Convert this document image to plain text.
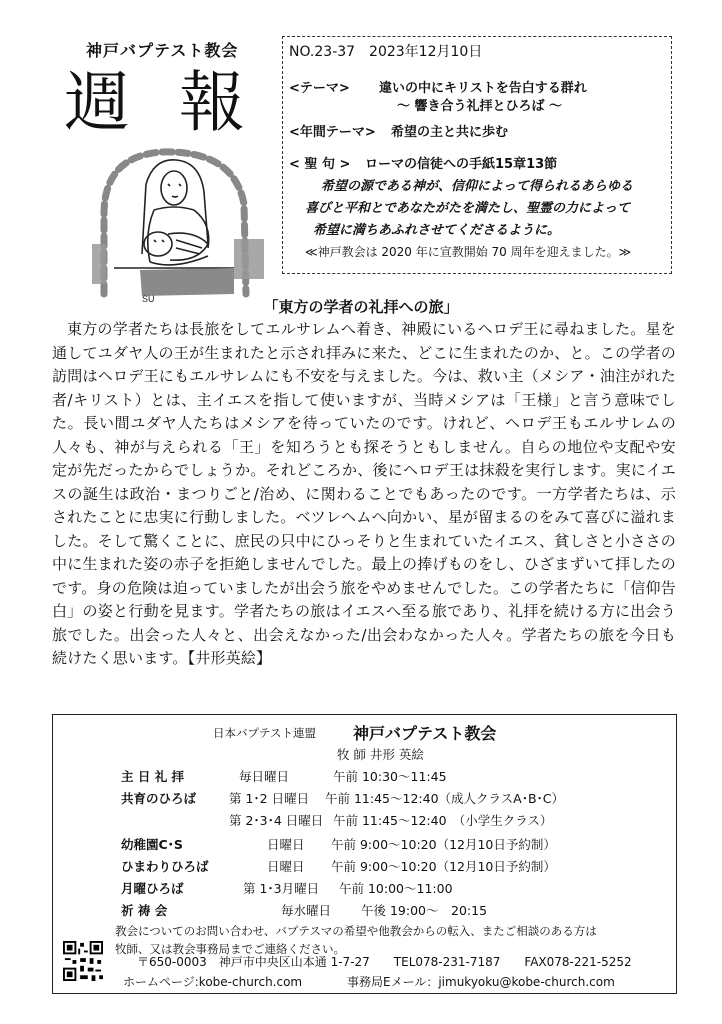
神戸バプテスト教会
週 報
SU
NO.23-37　2023年12月10日
<テーマ> 違いの中にキリストを告白する群れ
～ 響き合う礼拝とひろば ～
<年間テーマ> 希望の主と共に歩む
< 聖 句 > ローマの信徒への手紙15章13節
希望の源である神が、信仰によって得られるあらゆる
喜びと平和とであなたがたを満たし、聖霊の力によって
希望に満ちあふれさせてくださるように。
≪神戸教会は 2020 年に宣教開始 70 周年を迎えました。≫
「東方の学者の礼拝への旅」

東方の学者たちは長旅をしてエルサレムへ着き、神殿にいるヘロデ王に尋ねました。星を通してユダヤ人の王が生まれたと示され拝みに来た、どこに生まれたのか、と。この学者の訪問はヘロデ王にもエルサレムにも不安を与えました。今は、救い主（メシア・油注がれた者/キリスト）とは、主イエスを指して使いますが、当時メシアは「王様」と言う意味でした。長い間ユダヤ人たちはメシアを待っていたのです。けれど、ヘロデ王もエルサレムの人々も、神が与えられる「王」を知ろうとも探そうともしません。自らの地位や支配や安定が先だったからでしょうか。それどころか、後にヘロデ王は抹殺を実行します。実にイエスの誕生は政治・まつりごと/治め、に関わることでもあったのです。一方学者たちは、示されたことに忠実に行動しました。ベツレヘムへ向かい、星が留まるのをみて喜びに溢れました。そして驚くことに、庶民の只中にひっそりと生まれていたイエス、貧しさと小ささの中に生まれた姿の赤子を拒絶しませんでした。最上の捧げものをし、ひざまずいて拝したのです。身の危険は迫っていましたが出会う旅をやめませんでした。この学者たちに「信仰告白」の姿と行動を見ます。学者たちの旅はイエスへ至る旅であり、礼拝を続ける方に出会う旅でした。出会った人々と、出会えなかった/出会わなかった人々。学者たちの旅を今日も続けたく思います。【井形英絵】

日本バプテスト連盟 神戸バプテスト教会
牧 師 井形 英絵
主 日 礼 拝	毎日曜日	午前 10:30～11:45
共育のひろば	第 1･2 日曜日 午前 11:45～12:40（成人クラスA･B･C）
第 2･3･4 日曜日 午前 11:45～12:40　（小学生クラス）
幼稚園C･S	日曜日 午前 9:00～10:20（12月10日予約制）
ひまわりひろば	日曜日 午前 9:00～10:20（12月10日予約制）
月曜ひろば	第 1･3月曜日 午前 10:00～11:00
祈 祷 会	毎水曜日 午後 19:00～　20:15
教会についてのお問い合わせ、バプテスマの希望や他教会からの転入、またご相談のある方は
牧師、又は教会事務局までご連絡ください。
〒650-0003　神戸市中央区山本通 1-7-27　　TEL078-231-7187　　FAX078-221-5252
ホームページ:kobe-church.com	事務局Eメール：jimukyoku@kobe-church.com
